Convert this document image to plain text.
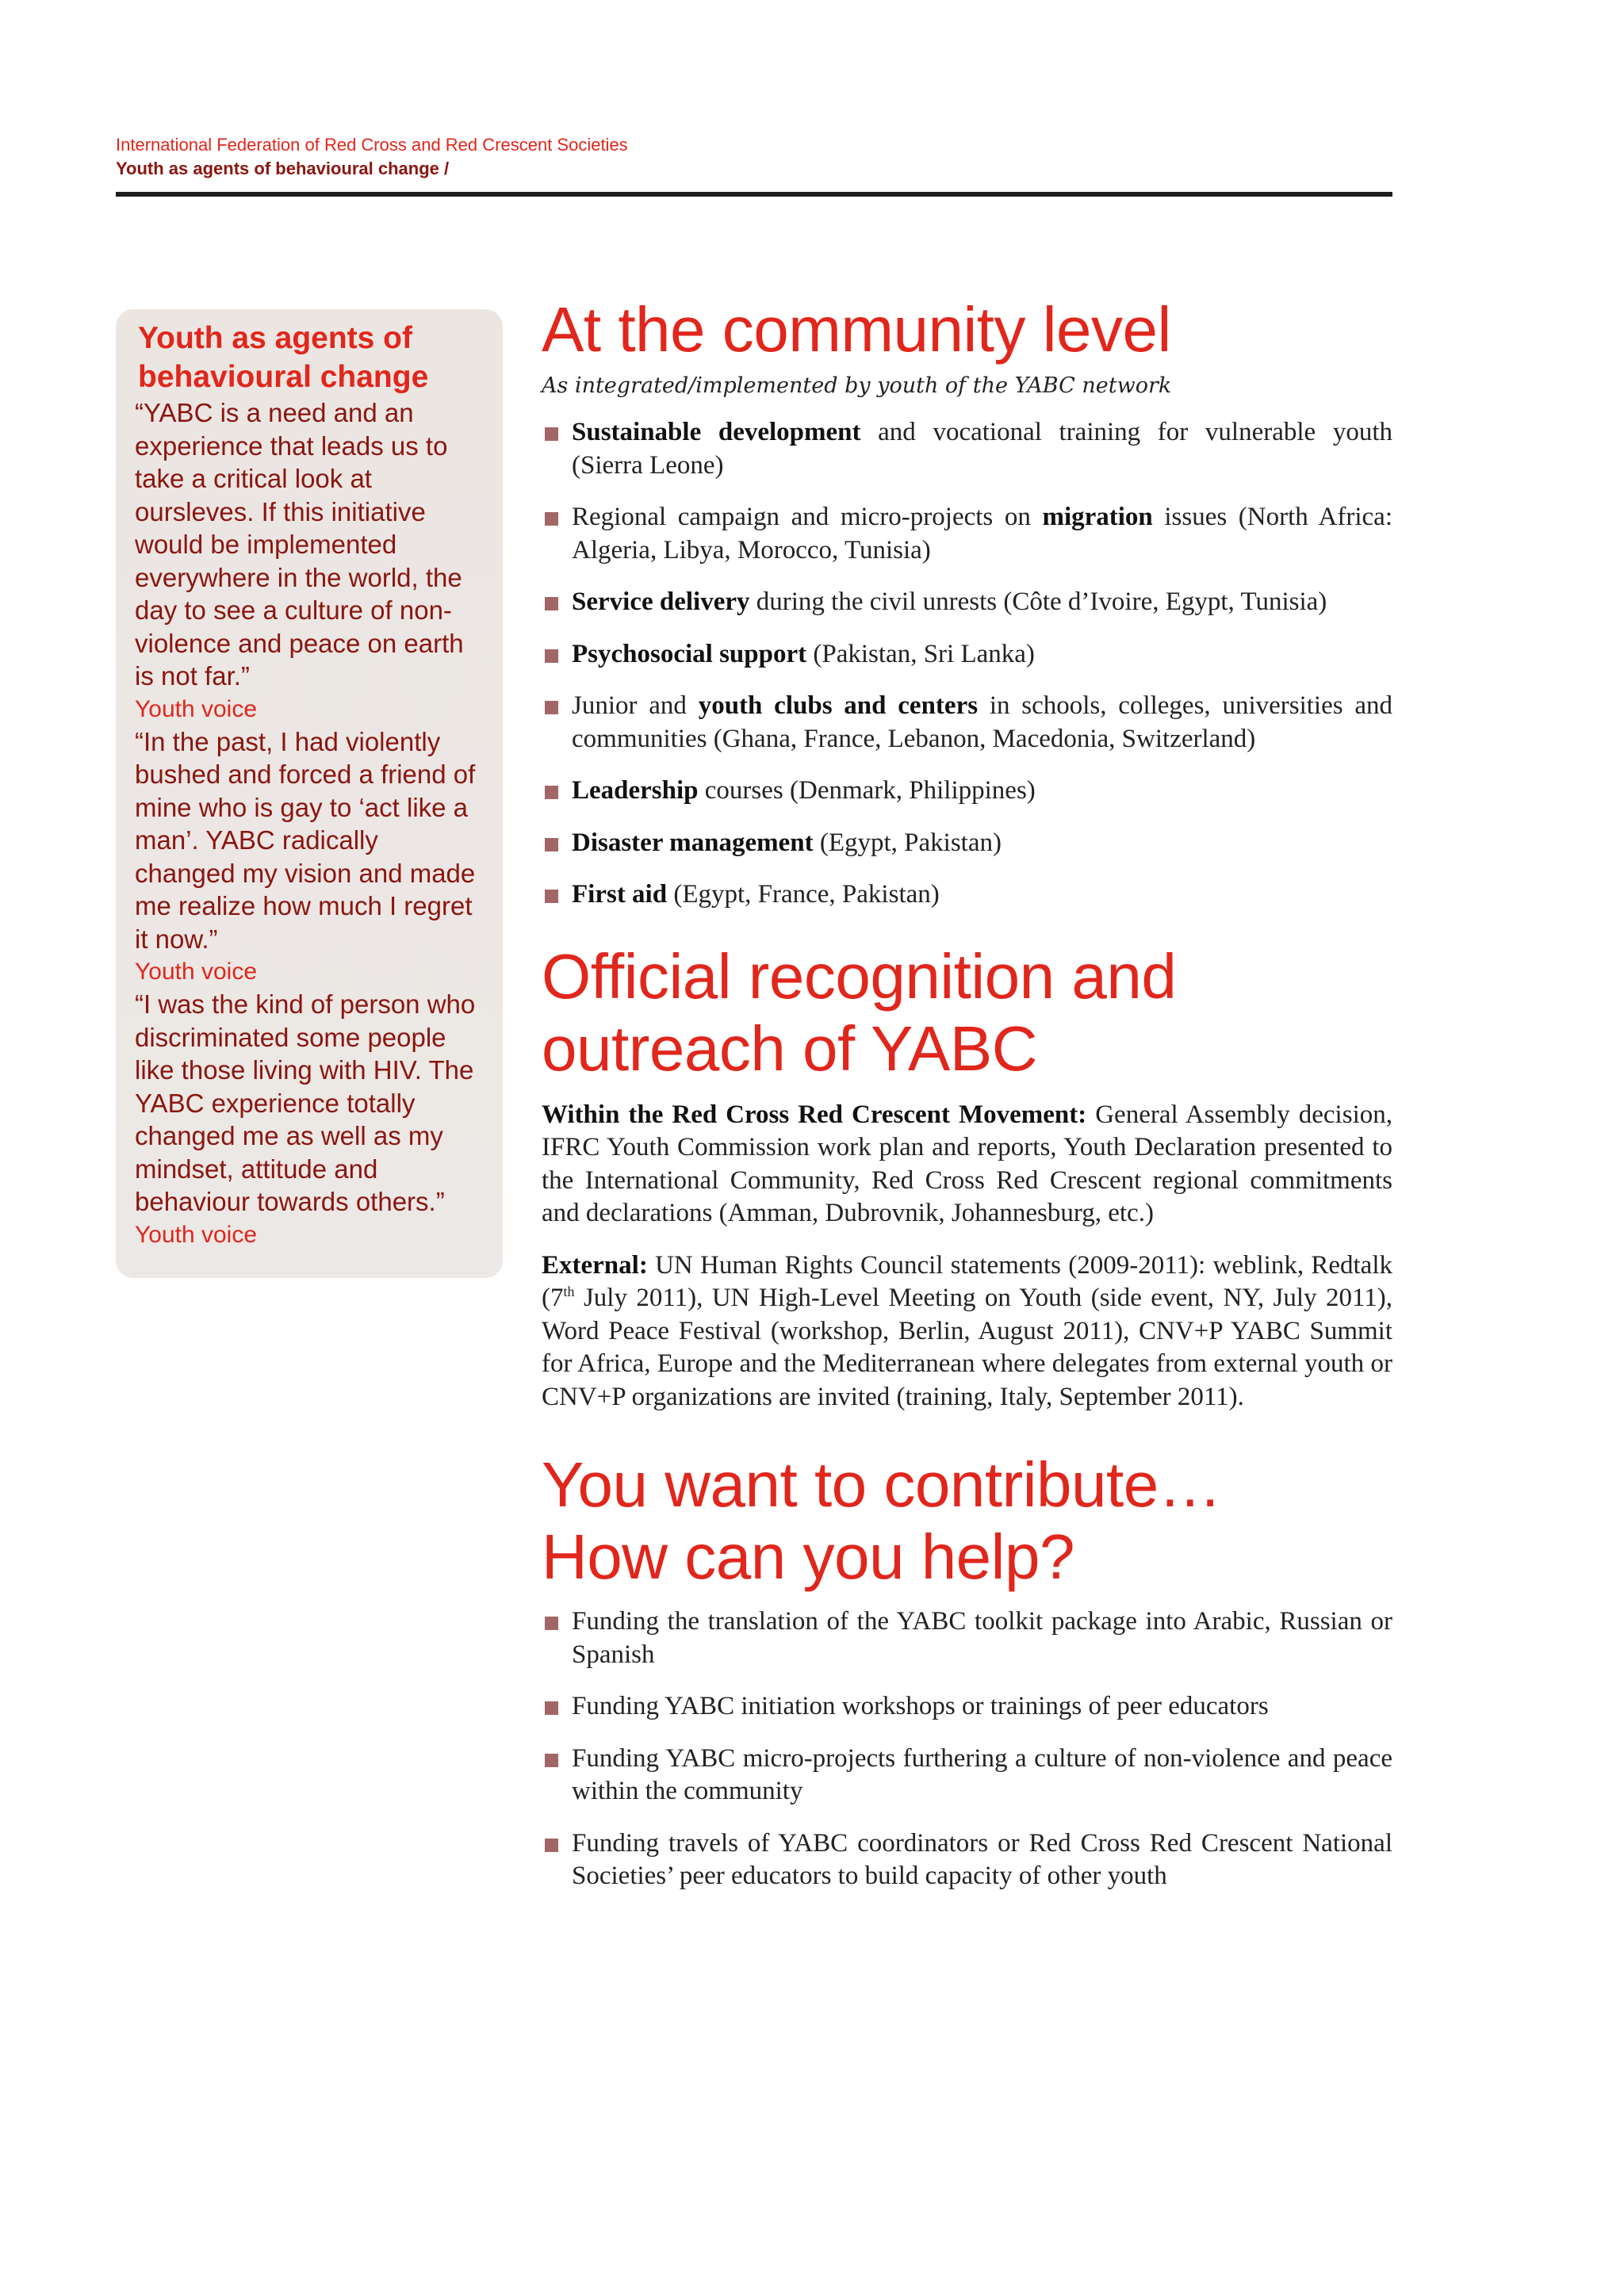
International Federation of Red Cross and Red Crescent Societies
Youth as agents of behavioural change /

Youth as agents of behavioural change

“YABC is a need and an experience that leads us to take a critical look at oursleves. If this initiative would be implemented everywhere in the world, the day to see a culture of non-violence and peace on earth is not far.”

Youth voice

“In the past, I had violently bushed and forced a friend of mine who is gay to ‘act like a man’. YABC radically changed my vision and made me realize how much I regret it now.”

Youth voice

“I was the kind of person who discriminated some people like those living with HIV. The YABC experience totally changed me as well as my mindset, attitude and behaviour towards others.”

Youth voice

At the community level

As integrated/implemented by youth of the YABC network

Sustainable development and vocational training for vulnerable youth (Sierra Leone)
Regional campaign and micro-projects on migration issues (North Africa: Algeria, Libya, Morocco, Tunisia)
Service delivery during the civil unrests (Côte d’Ivoire, Egypt, Tunisia)
Psychosocial support (Pakistan, Sri Lanka)
Junior and youth clubs and centers in schools, colleges, universities and communities (Ghana, France, Lebanon, Macedonia, Switzerland)
Leadership courses (Denmark, Philippines)
Disaster management (Egypt, Pakistan)
First aid (Egypt, France, Pakistan)
Official recognition and
outreach of YABC

Within the Red Cross Red Crescent Movement: General Assembly decision, IFRC Youth Commission work plan and reports, Youth Declaration presented to the International Community, Red Cross Red Crescent regional commitments and declarations (Amman, Dubrovnik, Johannesburg, etc.)

External: UN Human Rights Council statements (2009-2011): weblink, Redtalk (7th July 2011), UN High-Level Meeting on Youth (side event, NY, July 2011), Word Peace Festival (workshop, Berlin, August 2011), CNV+P YABC Summit for Africa, Europe and the Mediterranean where delegates from external youth or CNV+P organizations are invited (training, Italy, September 2011).

You want to contribute…
How can you help?
Funding the translation of the YABC toolkit package into Arabic, Russian or Spanish
Funding YABC initiation workshops or trainings of peer educators
Funding YABC micro-projects furthering a culture of non-violence and peace within the community
Funding travels of YABC coordinators or Red Cross Red Crescent National Societies’ peer educators to build capacity of other youth
